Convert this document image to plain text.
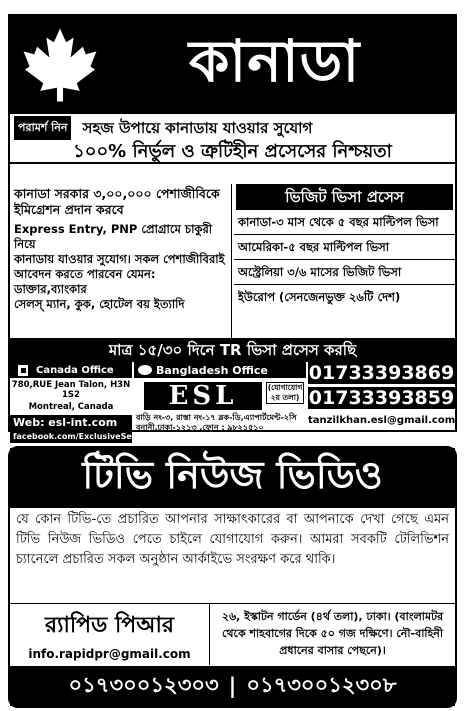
কানাডা
পরামর্শ নিন সহজ উপায়ে কানাডায় যাওয়ার সুযোগ
১০০% নির্ভুল ও ত্রুটিহীন প্রসেসের নিশ্চয়তা

কানাডা সরকার ৩,০০,০০০ পেশাজীবিকে

ইমিগ্রেশন প্রদান করবে

Express Entry, PNP প্রোগ্রামে চাকুরী নিয়ে

কানাডায় যাওয়ার সুযোগ। সকল পেশাজীবিরাই

আবেদন করতে পারবেন যেমন: ডাক্তার,ব্যাংকার

সেলস্ ম্যান, কুক, হোটেল বয় ইত্যাদি

ভিজিট ভিসা প্রসেস
কানাডা-৩ মাস থেকে ৫ বছর মাল্টিপল ভিসা
আমেরিকা-৫ বছর মাল্টিপল ভিসা
অস্ট্রেলিয়া ৩/৬ মাসের ভিজিট ভিসা
ইউরোপ (সেনজেনভুক্ত ২৬টি দেশ)
মাত্র ১৫/৩০ দিনে TR ভিসা প্রসেস করছি
Canada Office
780,RUE Jean Talon, H3N 1S2
Montreal, Canada
Web: esl-int.com
facebook.com/ExclusiveServicesLtd
Bangladesh Office
ESL	(যোগাযোগ
২য় তলা)
বাড়ি নং-৩, রাস্তা নং-১৭ ব্লক-ডি,এ্যাপার্টমেন্ট-২সি
বনানী,ঢাকা-১২১৩ ,ফোন : ৯৮২১৫১০
01733393869
01733393859
tanzilkhan.esl@gmail.com
টিভি নিউজ ভিডিও
যে কোন টিভি-তে প্রচারিত আপনার সাক্ষাৎকারের বা আপনাকে দেখা গেছে এমন টিভি নিউজ ভিডিও পেতে চাইলে যোগাযোগ করুন। আমরা সবকটি টেলিভিশন চ্যানেলে প্রচারিত সকল অনুষ্ঠান আর্কাইভে সংরক্ষণ করে থাকি।
র‌্যাপিড পিআর
info.rapidpr@gmail.com
২৬, ইস্কাটন গার্ডেন (৪র্থ তলা), ঢাকা। (বাংলামটর থেকে শাহবাগের দিকে ৫০ গজ দক্ষিণে। নৌ-বাহিনী প্রধানের বাসার পেছনে)।
০১৭৩০০১২৩০৩ | ০১৭৩০০১২৩০৮
